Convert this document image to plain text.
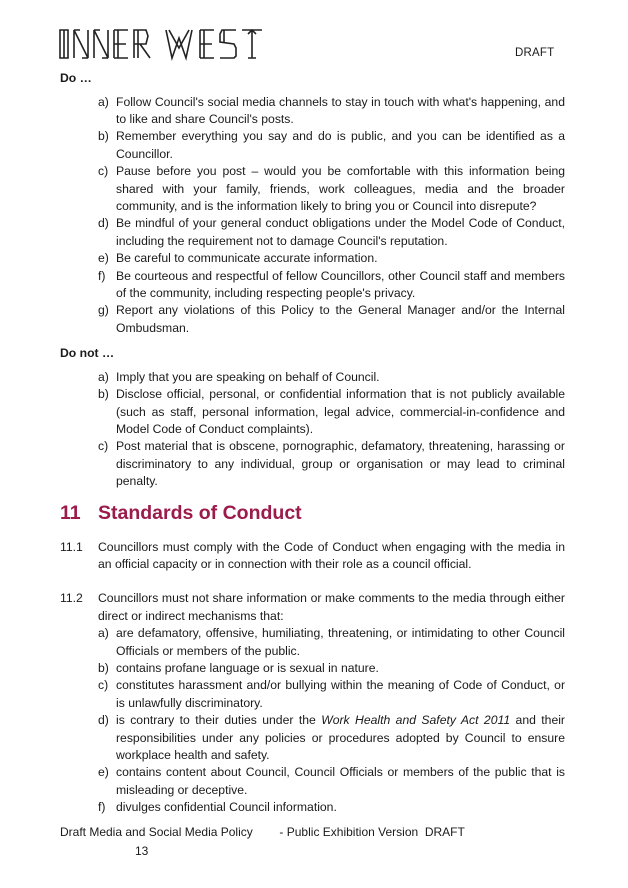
DRAFT

Do …

a) Follow Council's social media channels to stay in touch with what's happening, and to like and share Council's posts.
b) Remember everything you say and do is public, and you can be identified as a Councillor.
c) Pause before you post – would you be comfortable with this information being shared with your family, friends, work colleagues, media and the broader community, and is the information likely to bring you or Council into disrepute?
d) Be mindful of your general conduct obligations under the Model Code of Conduct, including the requirement not to damage Council's reputation.
e) Be careful to communicate accurate information.
f) Be courteous and respectful of fellow Councillors, other Council staff and members of the community, including respecting people's privacy.
g) Report any violations of this Policy to the General Manager and/or the Internal Ombudsman.

Do not …

a) Imply that you are speaking on behalf of Council.
b) Disclose official, personal, or confidential information that is not publicly available (such as staff, personal information, legal advice, commercial-in-confidence and Model Code of Conduct complaints).
c) Post material that is obscene, pornographic, defamatory, threatening, harassing or discriminatory to any individual, group or organisation or may lead to criminal penalty.
11 Standards of Conduct
11.1	Councillors must comply with the Code of Conduct when engaging with the media in an official capacity or in connection with their role as a council official.
11.2	Councillors must not share information or make comments to the media through either direct or indirect mechanisms that:
a) are defamatory, offensive, humiliating, threatening, or intimidating to other Council Officials or members of the public.
b) contains profane language or is sexual in nature.
c) constitutes harassment and/or bullying within the meaning of Code of Conduct, or is unlawfully discriminatory.
d) is contrary to their duties under the Work Health and Safety Act 2011 and their responsibilities under any policies or procedures adopted by Council to ensure workplace health and safety.
e) contains content about Council, Council Officials or members of the public that is misleading or deceptive.
f) divulges confidential Council information.
Draft Media and Social Media Policy        - Public Exhibition Version  DRAFT
13
